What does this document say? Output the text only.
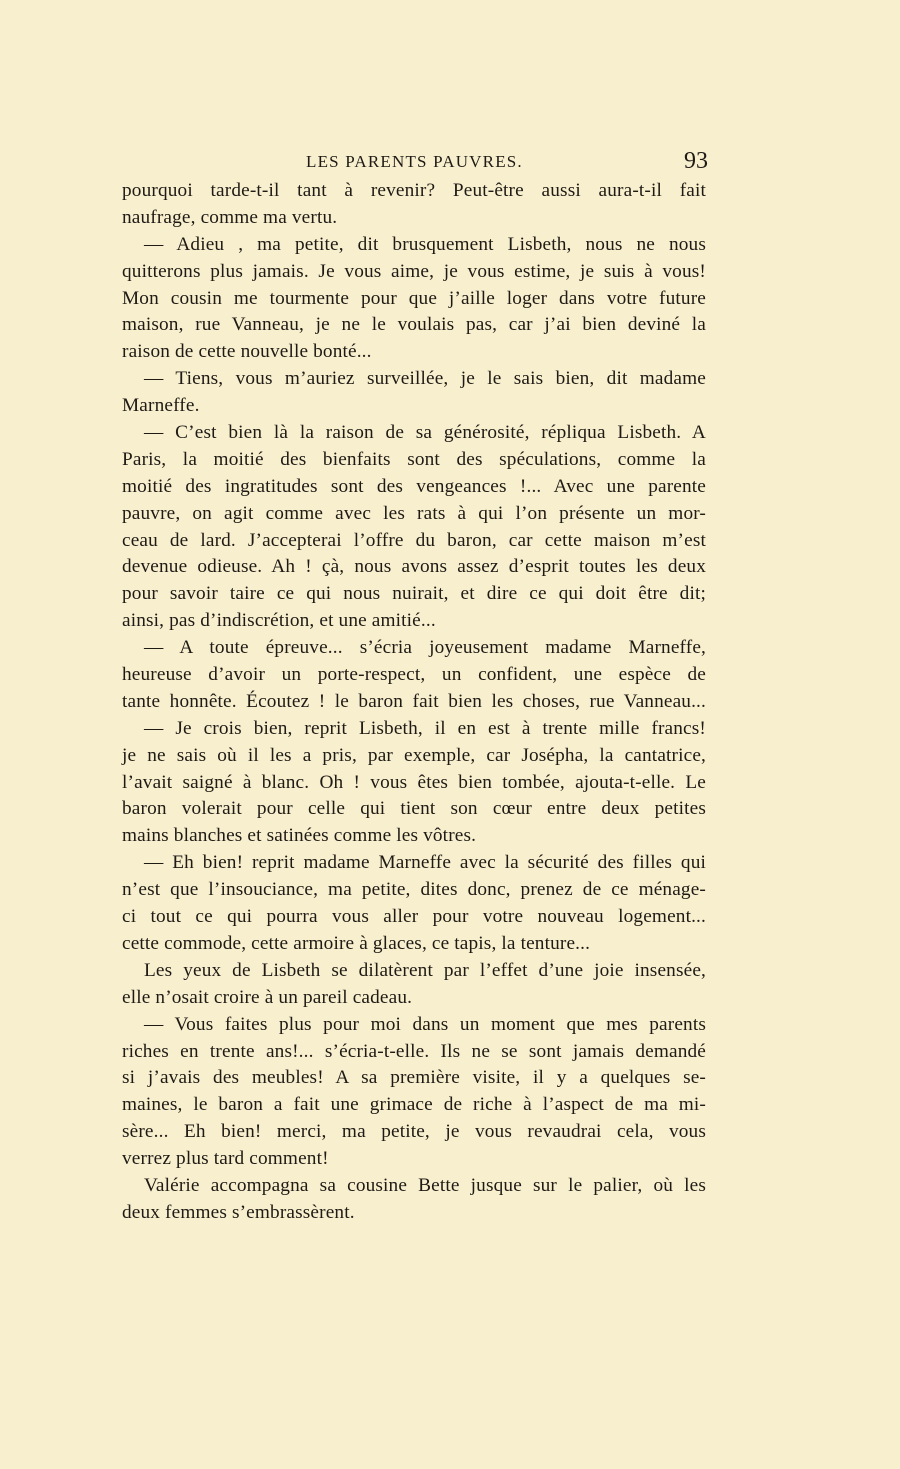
LES PARENTS PAUVRES.	93
pourquoi tarde-t-il tant à revenir? Peut-être aussi aura-t-il fait
naufrage, comme ma vertu.
— Adieu , ma petite, dit brusquement Lisbeth, nous ne nous
quitterons plus jamais. Je vous aime, je vous estime, je suis à vous!
Mon cousin me tourmente pour que j’aille loger dans votre future
maison, rue Vanneau, je ne le voulais pas, car j’ai bien deviné la
raison de cette nouvelle bonté...
— Tiens, vous m’auriez surveillée, je le sais bien, dit madame
Marneffe.
— C’est bien là la raison de sa générosité, répliqua Lisbeth. A
Paris, la moitié des bienfaits sont des spéculations, comme la
moitié des ingratitudes sont des vengeances !... Avec une parente
pauvre, on agit comme avec les rats à qui l’on présente un mor-
ceau de lard. J’accepterai l’offre du baron, car cette maison m’est
devenue odieuse. Ah ! çà, nous avons assez d’esprit toutes les deux
pour savoir taire ce qui nous nuirait, et dire ce qui doit être dit;
ainsi, pas d’indiscrétion, et une amitié...
— A toute épreuve... s’écria joyeusement madame Marneffe,
heureuse d’avoir un porte-respect, un confident, une espèce de
tante honnête. Écoutez ! le baron fait bien les choses, rue Vanneau...
— Je crois bien, reprit Lisbeth, il en est à trente mille francs!
je ne sais où il les a pris, par exemple, car Josépha, la cantatrice,
l’avait saigné à blanc. Oh ! vous êtes bien tombée, ajouta-t-elle. Le
baron volerait pour celle qui tient son cœur entre deux petites
mains blanches et satinées comme les vôtres.
— Eh bien! reprit madame Marneffe avec la sécurité des filles qui
n’est que l’insouciance, ma petite, dites donc, prenez de ce ménage-
ci tout ce qui pourra vous aller pour votre nouveau logement...
cette commode, cette armoire à glaces, ce tapis, la tenture...
Les yeux de Lisbeth se dilatèrent par l’effet d’une joie insensée,
elle n’osait croire à un pareil cadeau.
— Vous faites plus pour moi dans un moment que mes parents
riches en trente ans!... s’écria-t-elle. Ils ne se sont jamais demandé
si j’avais des meubles! A sa première visite, il y a quelques se-
maines, le baron a fait une grimace de riche à l’aspect de ma mi-
sère... Eh bien! merci, ma petite, je vous revaudrai cela, vous
verrez plus tard comment!
Valérie accompagna sa cousine Bette jusque sur le palier, où les
deux femmes s’embrassèrent.
